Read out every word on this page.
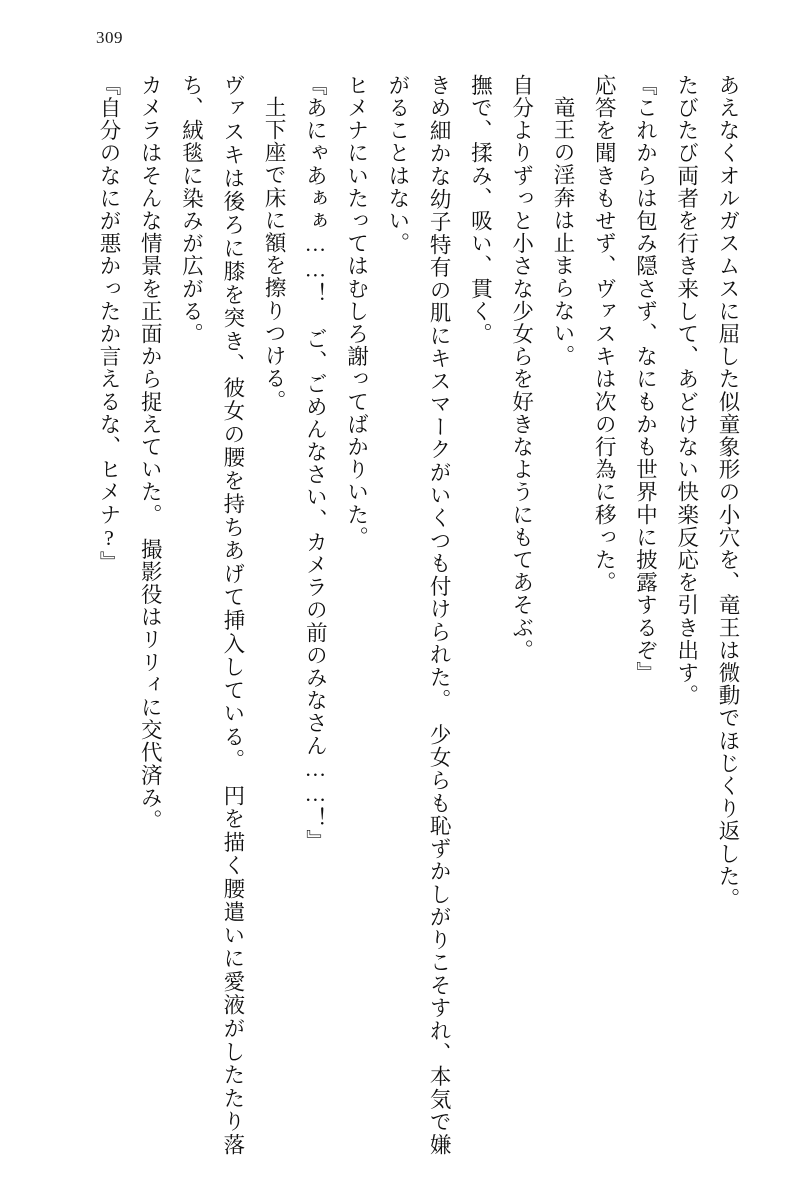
309

あえなくオルガスムスに屈した似童象形の小穴を、竜王は微動でほじくり返した。

たびたび両者を行き来して、あどけない快楽反応を引き出す。

『これからは包み隠さず、なにもかも世界中に披露するぞ』

応答を聞きもせず、ヴァスキは次の行為に移った。

竜王の淫奔は止まらない。

自分よりずっと小さな少女らを好きなようにもてあそぶ。

撫で、揉み、吸い、貫く。

きめ細かな幼子特有の肌にキスマークがいくつも付けられた。　少女らも恥ずかしがりこそすれ、本気で嫌がることはない。

ヒメナにいたってはむしろ謝ってばかりいた。

『あにゃあぁぁ……！　ご、ごめんなさい、カメラの前のみなさん……！』

土下座で床に額を擦りつける。

ヴァスキは後ろに膝を突き、彼女の腰を持ちあげて挿入している。　円を描く腰遣いに愛液がしたたり落ち、絨毯に染みが広がる。

カメラはそんな情景を正面から捉えていた。　撮影役はリリィに交代済み。

『自分のなにが悪かったか言えるな、ヒメナ?』
